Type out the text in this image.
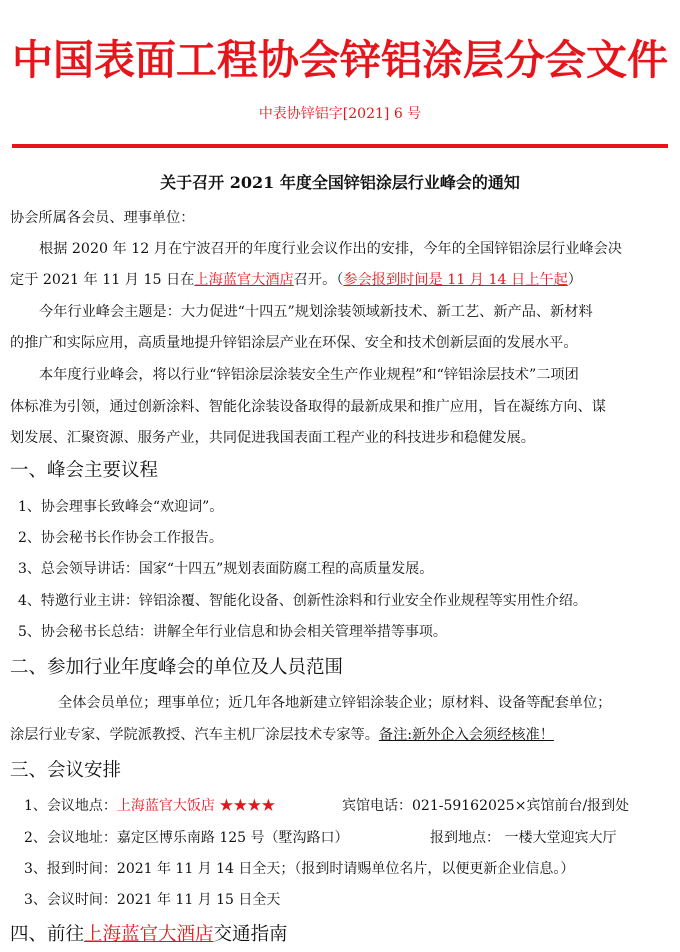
中国表面工程协会锌铝涂层分会文件
中表协锌铝字[2021] 6 号
关于召开 2021 年度全国锌铝涂层行业峰会的通知
协会所属各会员、理事单位：
根据 2020 年 12 月在宁波召开的年度行业会议作出的安排，今年的全国锌铝涂层行业峰会决
定于 2021 年 11 月 15 日在上海蓝官大酒店召开。（参会报到时间是 11 月 14 日上午起）
今年行业峰会主题是：大力促进“十四五”规划涂装领域新技术、新工艺、新产品、新材料
的推广和实际应用，高质量地提升锌铝涂层产业在环保、安全和技术创新层面的发展水平。
本年度行业峰会，将以行业“锌铝涂层涂装安全生产作业规程”和“锌铝涂层技术”二项团
体标准为引领，通过创新涂料、智能化涂装设备取得的最新成果和推广应用，旨在凝练方向、谋
划发展、汇聚资源、服务产业，共同促进我国表面工程产业的科技进步和稳健发展。
一、峰会主要议程
1、协会理事长致峰会“欢迎词”。
2、协会秘书长作协会工作报告。
3、总会领导讲话：国家“十四五”规划表面防腐工程的高质量发展。
4、特邀行业主讲：锌铝涂覆、智能化设备、创新性涂料和行业安全作业规程等实用性介绍。
5、协会秘书长总结：讲解全年行业信息和协会相关管理举措等事项。
二、参加行业年度峰会的单位及人员范围
全体会员单位；理事单位；近几年各地新建立锌铝涂装企业；原材料、设备等配套单位；
涂层行业专家、学院派教授、汽车主机厂涂层技术专家等。备注:新外企入会须经核准！
三、会议安排
1、会议地点：上海蓝官大饭店 ★★★★	宾馆电话：021-59162025×宾馆前台/报到处
2、会议地址：嘉定区博乐南路 125 号（墅沟路口）	报到地点： 一楼大堂迎宾大厅
3、报到时间：2021 年 11 月 14 日全天；（报到时请赐单位名片，以便更新企业信息。）
3、会议时间：2021 年 11 月 15 日全天
四、前往上海蓝官大酒店交通指南
